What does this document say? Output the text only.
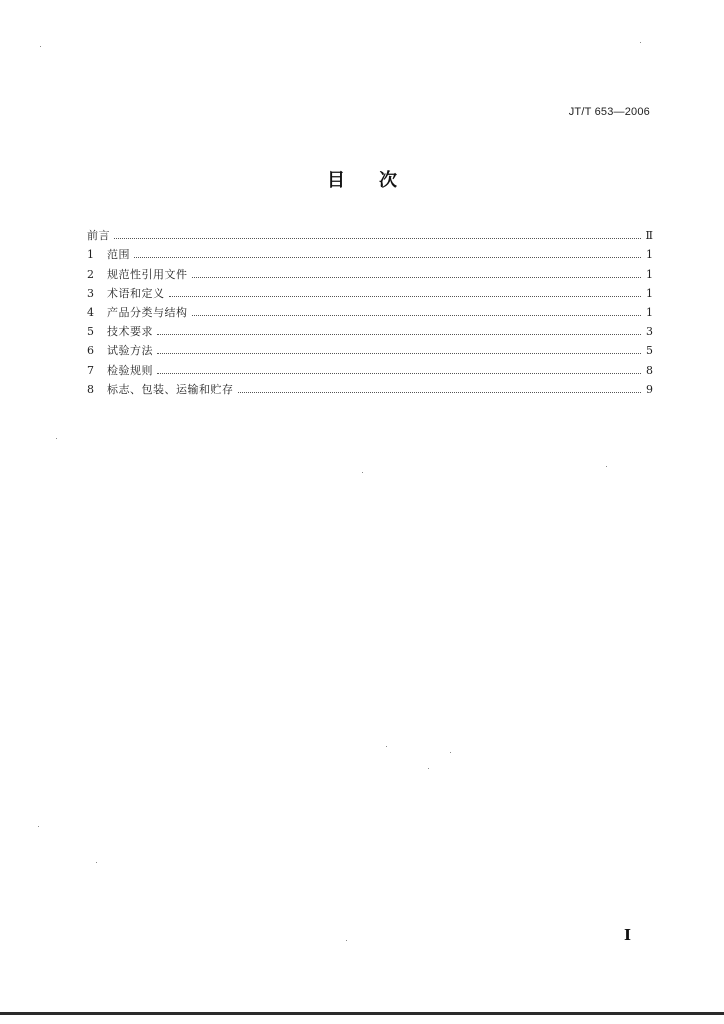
JT/T 653—2006
目次
前言	Ⅱ
1	范围	1
2	规范性引用文件	1
3	术语和定义	1
4	产品分类与结构	1
5	技术要求	3
6	试验方法	5
7	检验规则	8
8	标志、包装、运输和贮存	9
I
